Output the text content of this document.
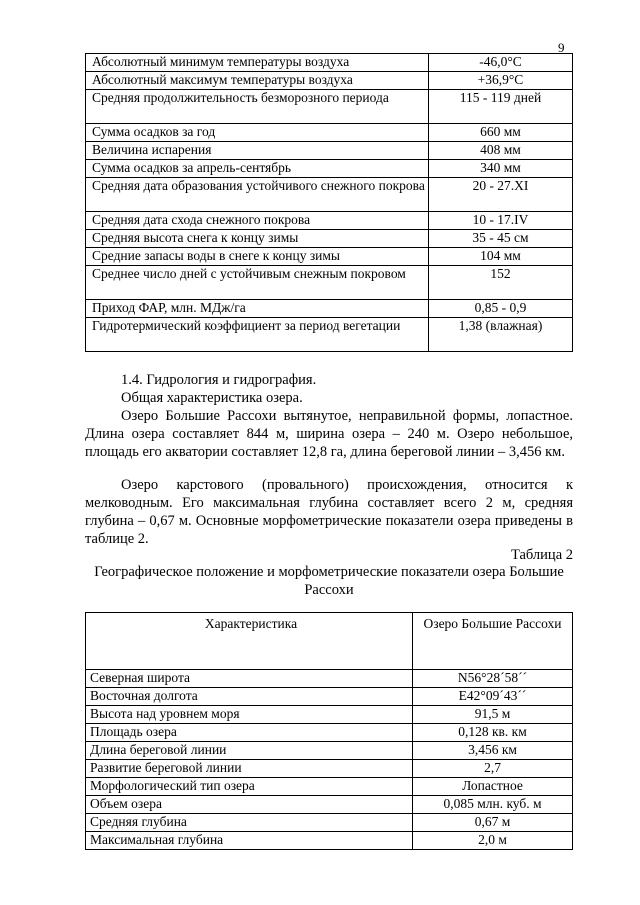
9
Абсолютный минимум температуры воздуха	-46,0°С
Абсолютный максимум температуры воздуха	+36,9°С
Средняя продолжительность безморозного периода	115 - 119 дней
Сумма осадков за год	660 мм
Величина испарения	408 мм
Сумма осадков за апрель-сентябрь	340 мм
Средняя дата образования устойчивого снежного покрова	20 - 27.XI
Средняя дата схода снежного покрова	10 - 17.IV
Средняя высота снега к концу зимы	35 - 45 см
Средние запасы воды в снеге к концу зимы	104 мм
Среднее число дней с устойчивым снежным покровом	152
Приход ФАР, млн. МДж/га	0,85 - 0,9
Гидротермический коэффициент за период вегетации	1,38 (влажная)

1.4. Гидрология и гидрография.

Общая характеристика озера.

Озеро Большие Рассохи вытянутое, неправильной формы, лопастное. Длина озера составляет 844 м, ширина озера – 240 м. Озеро небольшое, площадь его акватории составляет 12,8 га, длина береговой линии – 3,456 км.

Озеро карстового (провального) происхождения, относится к мелководным. Его максимальная глубина составляет всего 2 м, средняя глубина – 0,67 м. Основные морфометрические показатели озера приведены в таблице 2.

Таблица 2
Географическое положение и морфометрические показатели озера Большие Рассохи
Характеристика	Озеро Большие Рассохи
Северная широта	N56°28´58´´
Восточная долгота	E42°09´43´´
Высота над уровнем моря	91,5 м
Площадь озера	0,128 кв. км
Длина береговой линии	3,456 км
Развитие береговой линии	2,7
Морфологический тип озера	Лопастное
Объем озера	0,085 млн. куб. м
Средняя глубина	0,67 м
Максимальная глубина	2,0 м
